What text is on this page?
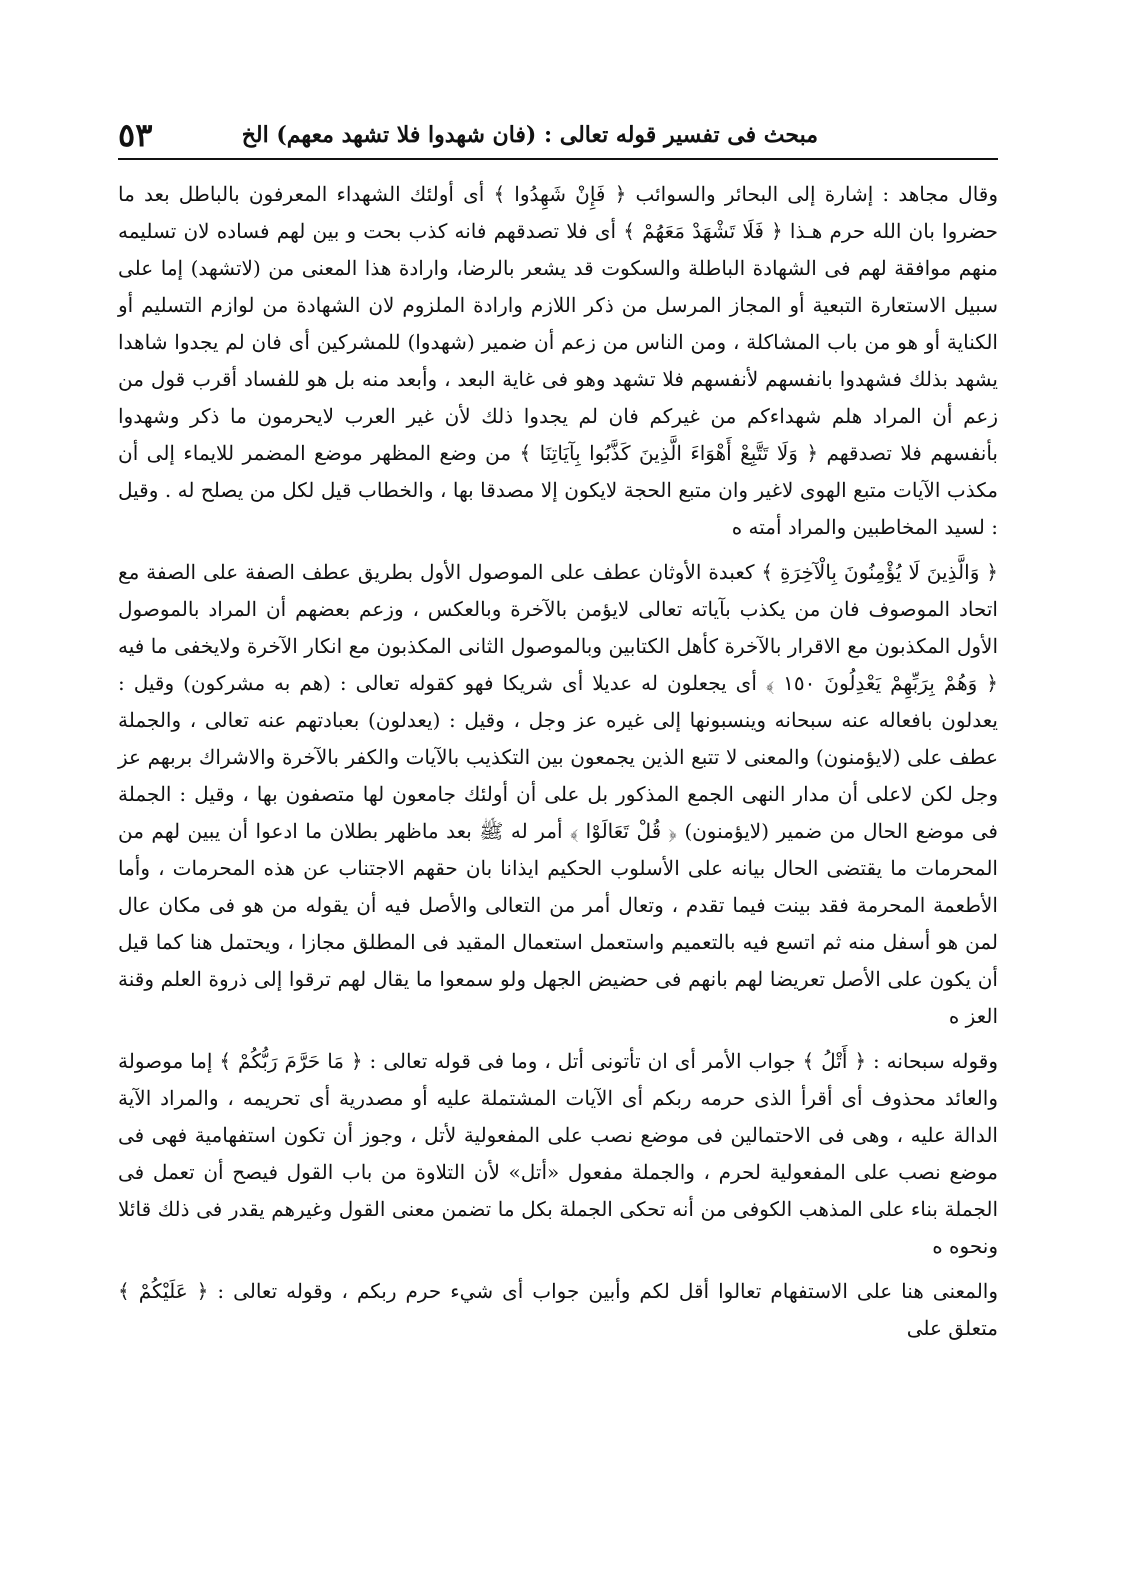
مبحث فى تفسير قوله تعالى : (فان شهدوا فلا تشهد معهم) الخ
٥٣

وقال مجاهد : إشارة إلى البحائر والسوائب ﴿ فَإِنْ شَهِدُوا ﴾ أى أولئك الشهداء المعرفون بالباطل بعد ما حضروا بان الله حرم هـذا ﴿ فَلَا تَشْهَدْ مَعَهُمْ ﴾ أى فلا تصدقهم فانه كذب بحت و بين لهم فساده لان تسليمه منهم موافقة لهم فى الشهادة الباطلة والسكوت قد يشعر بالرضا، وارادة هذا المعنى من (لاتشهد) إما على سبيل الاستعارة التبعية أو المجاز المرسل من ذكر اللازم وارادة الملزوم لان الشهادة من لوازم التسليم أو الكناية أو هو من باب المشاكلة ، ومن الناس من زعم أن ضمير (شهدوا) للمشركين أى فان لم يجدوا شاهدا يشهد بذلك فشهدوا بانفسهم لأنفسهم فلا تشهد وهو فى غاية البعد ، وأبعد منه بل هو للفساد أقرب قول من زعم أن المراد هلم شهداءكم من غيركم فان لم يجدوا ذلك لأن غير العرب لايحرمون ما ذكر وشهدوا بأنفسهم فلا تصدقهم ﴿ وَلَا تَتَّبِعْ أَهْوَاءَ الَّذِينَ كَذَّبُوا بِآيَاتِنَا ﴾ من وضع المظهر موضع المضمر للايماء إلى أن مكذب الآيات متبع الهوى لاغير وان متبع الحجة لايكون إلا مصدقا بها ، والخطاب قيل لكل من يصلح له . وقيل : لسيد المخاطبين والمراد أمته ه

﴿ وَالَّذِينَ لَا يُؤْمِنُونَ بِالْآخِرَةِ ﴾ كعبدة الأوثان عطف على الموصول الأول بطريق عطف الصفة على الصفة مع اتحاد الموصوف فان من يكذب بآياته تعالى لايؤمن بالآخرة وبالعكس ، وزعم بعضهم أن المراد بالموصول الأول المكذبون مع الاقرار بالآخرة كأهل الكتابين وبالموصول الثانى المكذبون مع انكار الآخرة ولايخفى ما فيه ﴿ وَهُمْ بِرَبِّهِمْ يَعْدِلُونَ ١٥٠ ﴾ أى يجعلون له عديلا أى شريكا فهو كقوله تعالى : (هم به مشركون) وقيل : يعدلون بافعاله عنه سبحانه وينسبونها إلى غيره عز وجل ، وقيل : (يعدلون) بعبادتهم عنه تعالى ، والجملة عطف على (لايؤمنون) والمعنى لا تتبع الذين يجمعون بين التكذيب بالآيات والكفر بالآخرة والاشراك بربهم عز وجل لكن لاعلى أن مدار النهى الجمع المذكور بل على أن أولئك جامعون لها متصفون بها ، وقيل : الجملة فى موضع الحال من ضمير (لايؤمنون) ﴿ قُلْ تَعَالَوْا ﴾ أمر له ﷺ بعد ماظهر بطلان ما ادعوا أن يبين لهم من المحرمات ما يقتضى الحال بيانه على الأسلوب الحكيم ايذانا بان حقهم الاجتناب عن هذه المحرمات ، وأما الأطعمة المحرمة فقد بينت فيما تقدم ، وتعال أمر من التعالى والأصل فيه أن يقوله من هو فى مكان عال لمن هو أسفل منه ثم اتسع فيه بالتعميم واستعمل استعمال المقيد فى المطلق مجازا ، ويحتمل هنا كما قيل أن يكون على الأصل تعريضا لهم بانهم فى حضيض الجهل ولو سمعوا ما يقال لهم ترقوا إلى ذروة العلم وقنة العز ه

وقوله سبحانه : ﴿ أَتْلُ ﴾ جواب الأمر أى ان تأتونى أتل ، وما فى قوله تعالى : ﴿ مَا حَرَّمَ رَبُّكُمْ ﴾ إما موصولة والعائد محذوف أى أقرأ الذى حرمه ربكم أى الآيات المشتملة عليه أو مصدرية أى تحريمه ، والمراد الآية الدالة عليه ، وهى فى الاحتمالين فى موضع نصب على المفعولية لأتل ، وجوز أن تكون استفهامية فهى فى موضع نصب على المفعولية لحرم ، والجملة مفعول «أتل» لأن التلاوة من باب القول فيصح أن تعمل فى الجملة بناء على المذهب الكوفى من أنه تحكى الجملة بكل ما تضمن معنى القول وغيرهم يقدر فى ذلك قائلا ونحوه ه

والمعنى هنا على الاستفهام تعالوا أقل لكم وأبين جواب أى شيء حرم ربكم ، وقوله تعالى : ﴿ عَلَيْكُمْ ﴾ متعلق على
